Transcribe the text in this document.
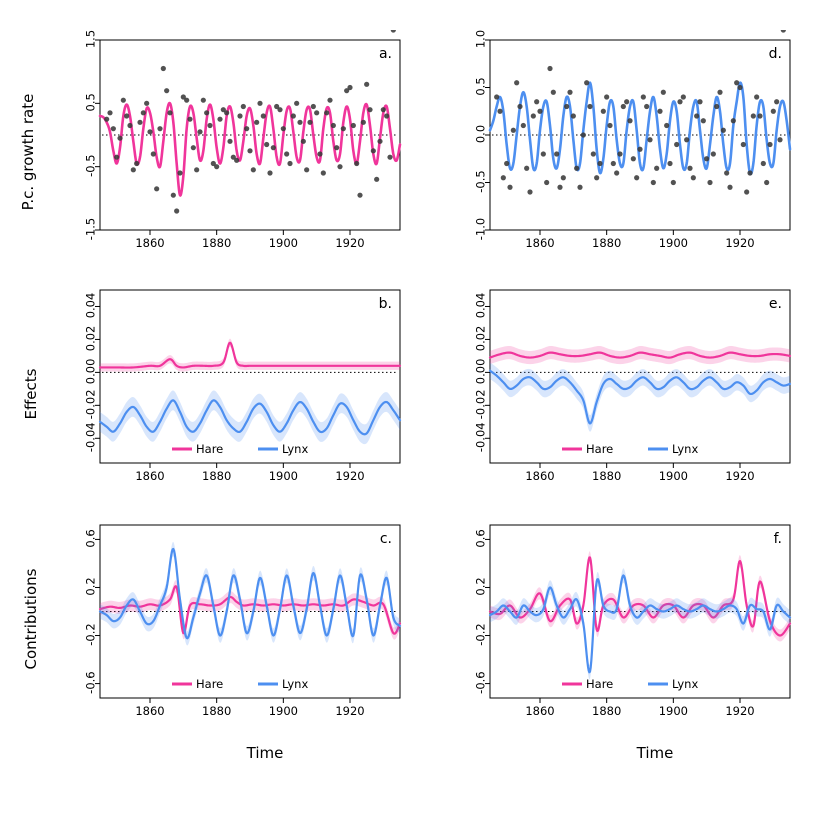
P.c. growth rate
Effects
Contributions
Time	Time
1860	1880	1900	1920
-1.5
-0.5
0.5
1.5
a.
1860	1880	1900	1920
-1.0
-0.5
0.0
0.5
1.0
d.
1860	1880	1900	1920
-0.04
-0.02
0.00
0.02
0.04	b.
Hare	Lynx
1860	1880	1900	1920
-0.04
-0.02
0.00
0.02
0.04	e.
Hare	Lynx
1860	1880	1900	1920
-0.6
-0.2
0.2
0.6	c.
Hare	Lynx
1860	1880	1900	1920
-0.6
-0.2
0.2
0.6	f.
Hare	Lynx
